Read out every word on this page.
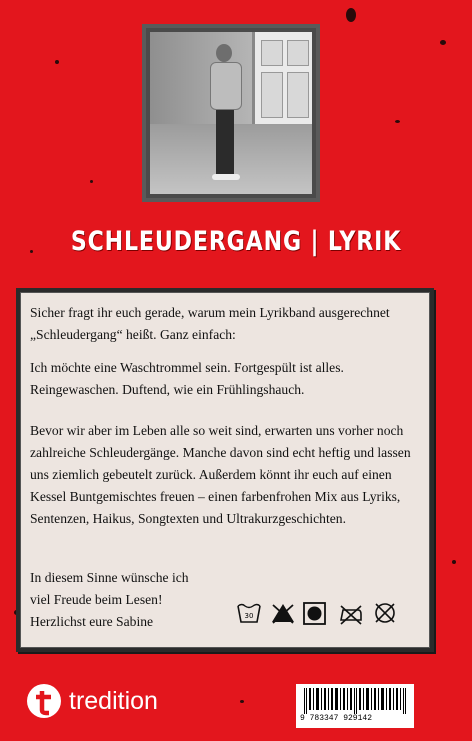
SCHLEUDERGANG | LYRIK

Sicher fragt ihr euch gerade, warum mein Lyrikband ausgerechnet „Schleudergang“ heißt. Ganz einfach:

Ich möchte eine Waschtrommel sein. Fortgespült ist alles. Reingewaschen. Duftend, wie ein Frühlingshauch.

Bevor wir aber im Leben alle so weit sind, erwarten uns vorher noch zahlreiche Schleudergänge. Manche davon sind echt heftig und lassen uns ziemlich gebeutelt zurück. Außerdem könnt ihr euch auf einen Kessel Buntgemischtes freuen – einen farbenfrohen Mix aus Lyriks, Sentenzen, Haikus, Songtexten und Ultrakurzgeschichten.

In diesem Sinne wünsche ich
viel Freude beim Lesen!
Herzlichst eure Sabine	30
tredition
9 783347 929142
